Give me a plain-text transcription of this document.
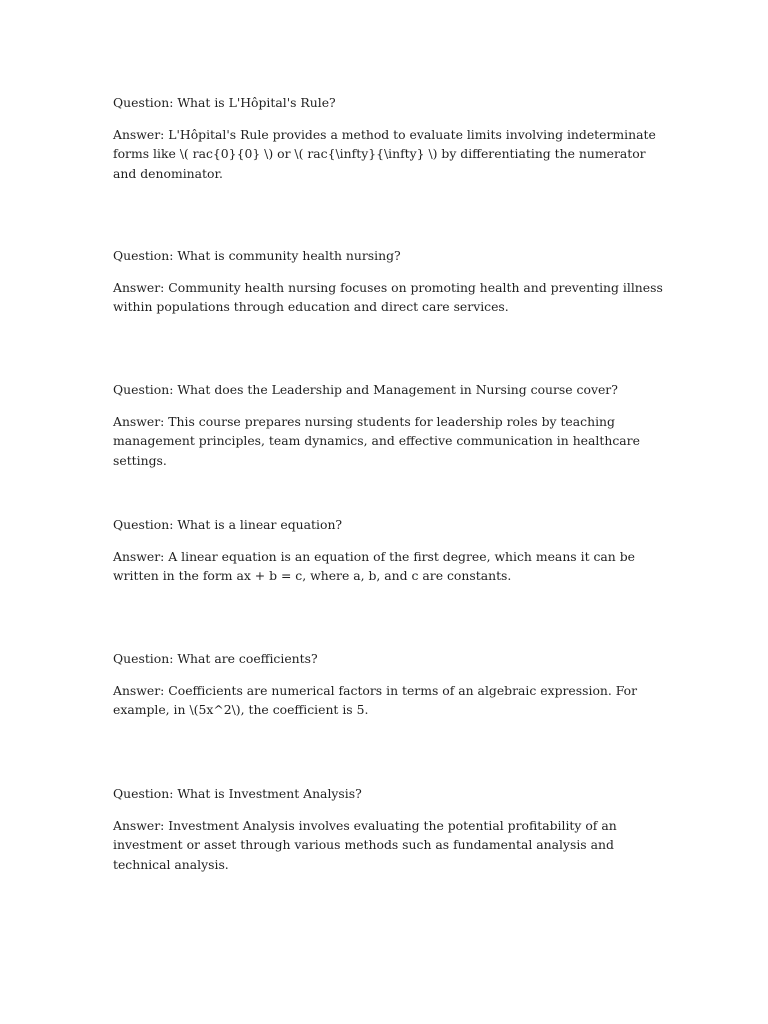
Question: What is L'Hôpital's Rule?

Answer: L'Hôpital's Rule provides a method to evaluate limits involving indeterminate forms like \( rac{0}{0} \) or \( rac{\infty}{\infty} \) by differentiating the numerator and denominator.

Question: What is community health nursing?

Answer: Community health nursing focuses on promoting health and preventing illness within populations through education and direct care services.

Question: What does the Leadership and Management in Nursing course cover?

Answer: This course prepares nursing students for leadership roles by teaching management principles, team dynamics, and effective communication in healthcare settings.

Question: What is a linear equation?

Answer: A linear equation is an equation of the first degree, which means it can be written in the form ax + b = c, where a, b, and c are constants.

Question: What are coefficients?

Answer: Coefficients are numerical factors in terms of an algebraic expression. For example, in \(5x^2\), the coefficient is 5.

Question: What is Investment Analysis?

Answer: Investment Analysis involves evaluating the potential profitability of an investment or asset through various methods such as fundamental analysis and technical analysis.
